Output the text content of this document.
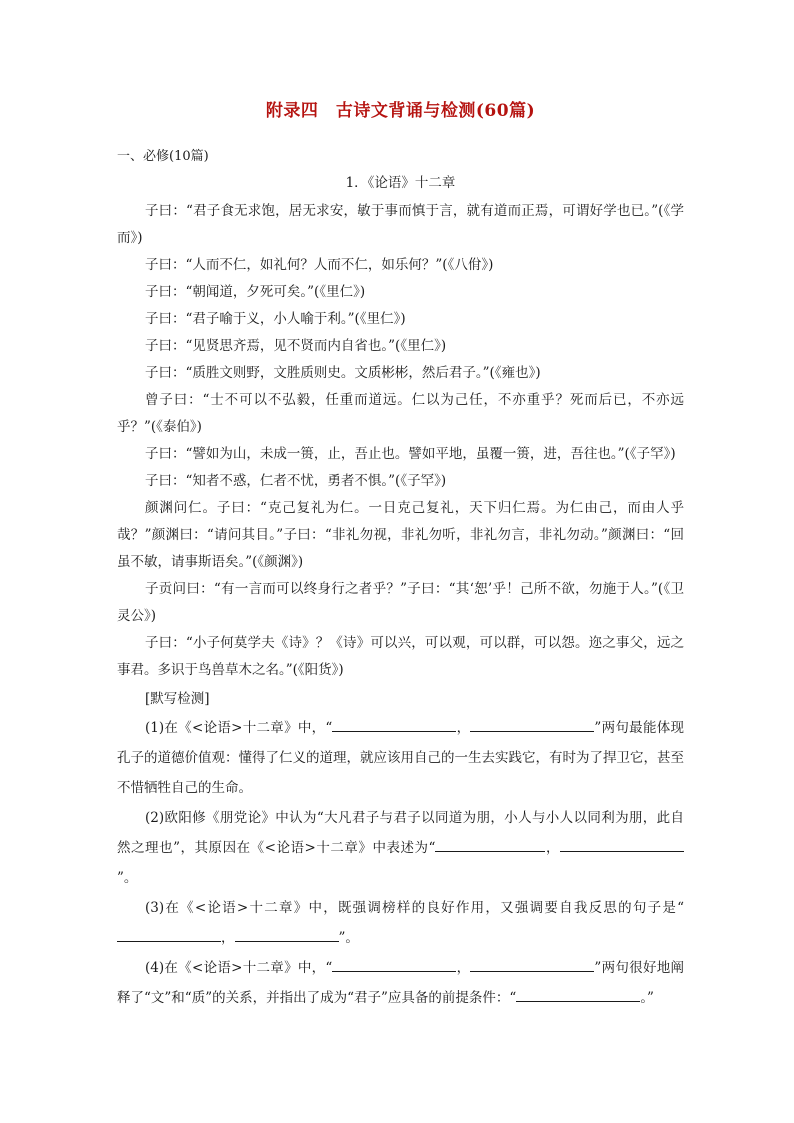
附录四　古诗文背诵与检测(60篇)

一、必修(10篇)

1．《论语》十二章

子曰：“君子食无求饱，居无求安，敏于事而慎于言，就有道而正焉，可谓好学也已。”(《学而》)

子曰：“人而不仁，如礼何？人而不仁，如乐何？”(《八佾》)

子曰：“朝闻道，夕死可矣。”(《里仁》)

子曰：“君子喻于义，小人喻于利。”(《里仁》)

子曰：“见贤思齐焉，见不贤而内自省也。”(《里仁》)

子曰：“质胜文则野，文胜质则史。文质彬彬，然后君子。”(《雍也》)

曾子曰：“士不可以不弘毅，任重而道远。仁以为己任，不亦重乎？死而后已，不亦远乎？”(《泰伯》)

子曰：“譬如为山，未成一篑，止，吾止也。譬如平地，虽覆一篑，进，吾往也。”(《子罕》)

子曰：“知者不惑，仁者不忧，勇者不惧。”(《子罕》)

颜渊问仁。子曰：“克己复礼为仁。一日克己复礼，天下归仁焉。为仁由己，而由人乎哉？”颜渊曰：“请问其目。”子曰：“非礼勿视，非礼勿听，非礼勿言，非礼勿动。”颜渊曰：“回虽不敏，请事斯语矣。”(《颜渊》)

子贡问曰：“有一言而可以终身行之者乎？”子曰：“其‘恕’乎！己所不欲，勿施于人。”(《卫灵公》)

子曰：“小子何莫学夫《诗》？《诗》可以兴，可以观，可以群，可以怨。迩之事父，远之事君。多识于鸟兽草木之名。”(《阳货》)

[默写检测]

(1)在《<论语>十二章》中，“	，	”两句最能体现孔子的道德价值观：懂得了仁义的道理，就应该用自己的一生去实践它，有时为了捍卫它，甚至不惜牺牲自己的生命。

(2)欧阳修《朋党论》中认为“大凡君子与君子以同道为朋，小人与小人以同利为朋，此自然之理也”，其原因在《<论语>十二章》中表述为“	，”。

(3)在《<论语>十二章》中，既强调榜样的良好作用，又强调要自我反思的句子是“，	”。

(4)在《<论语>十二章》中，“	，	”两句很好地阐释了“文”和“质”的关系，并指出了成为“君子”应具备的前提条件：“	。”
